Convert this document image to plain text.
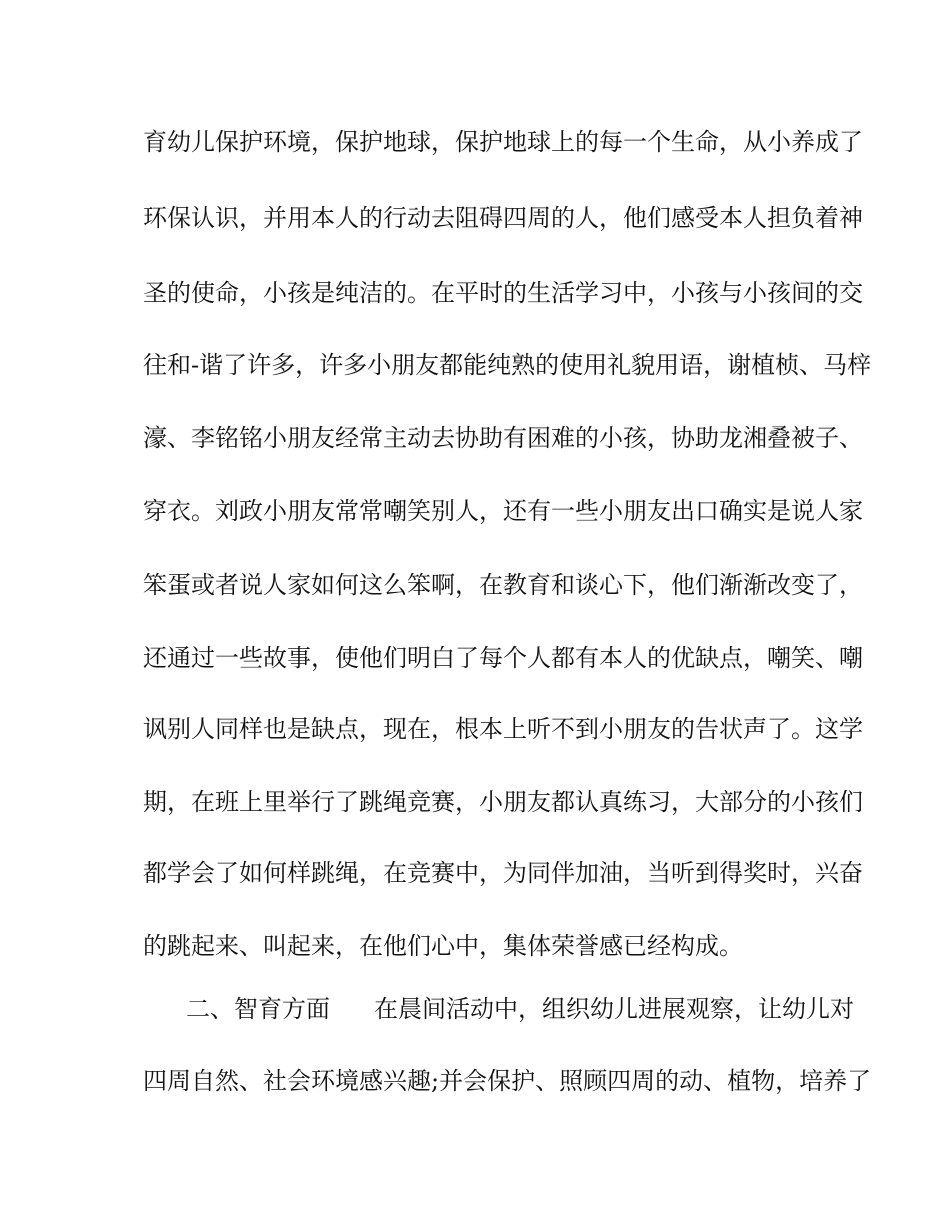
育幼儿保护环境，保护地球，保护地球上的每一个生命，从小养成了
环保认识，并用本人的行动去阻碍四周的人，他们感受本人担负着神
圣的使命，小孩是纯洁的。在平时的生活学习中，小孩与小孩间的交
往和-谐了许多，许多小朋友都能纯熟的使用礼貌用语，谢植桢、马梓
濠、李铭铭小朋友经常主动去协助有困难的小孩，协助龙湘叠被子、
穿衣。刘政小朋友常常嘲笑别人，还有一些小朋友出口确实是说人家
笨蛋或者说人家如何这么笨啊，在教育和谈心下，他们渐渐改变了，
还通过一些故事，使他们明白了每个人都有本人的优缺点，嘲笑、嘲
讽别人同样也是缺点，现在，根本上听不到小朋友的告状声了。这学
期，在班上里举行了跳绳竞赛，小朋友都认真练习，大部分的小孩们
都学会了如何样跳绳，在竞赛中，为同伴加油，当听到得奖时，兴奋
的跳起来、叫起来，在他们心中，集体荣誉感已经构成。
二、智育方面 在晨间活动中，组织幼儿进展观察，让幼儿对
四周自然、社会环境感兴趣;并会保护、照顾四周的动、植物，培养了
